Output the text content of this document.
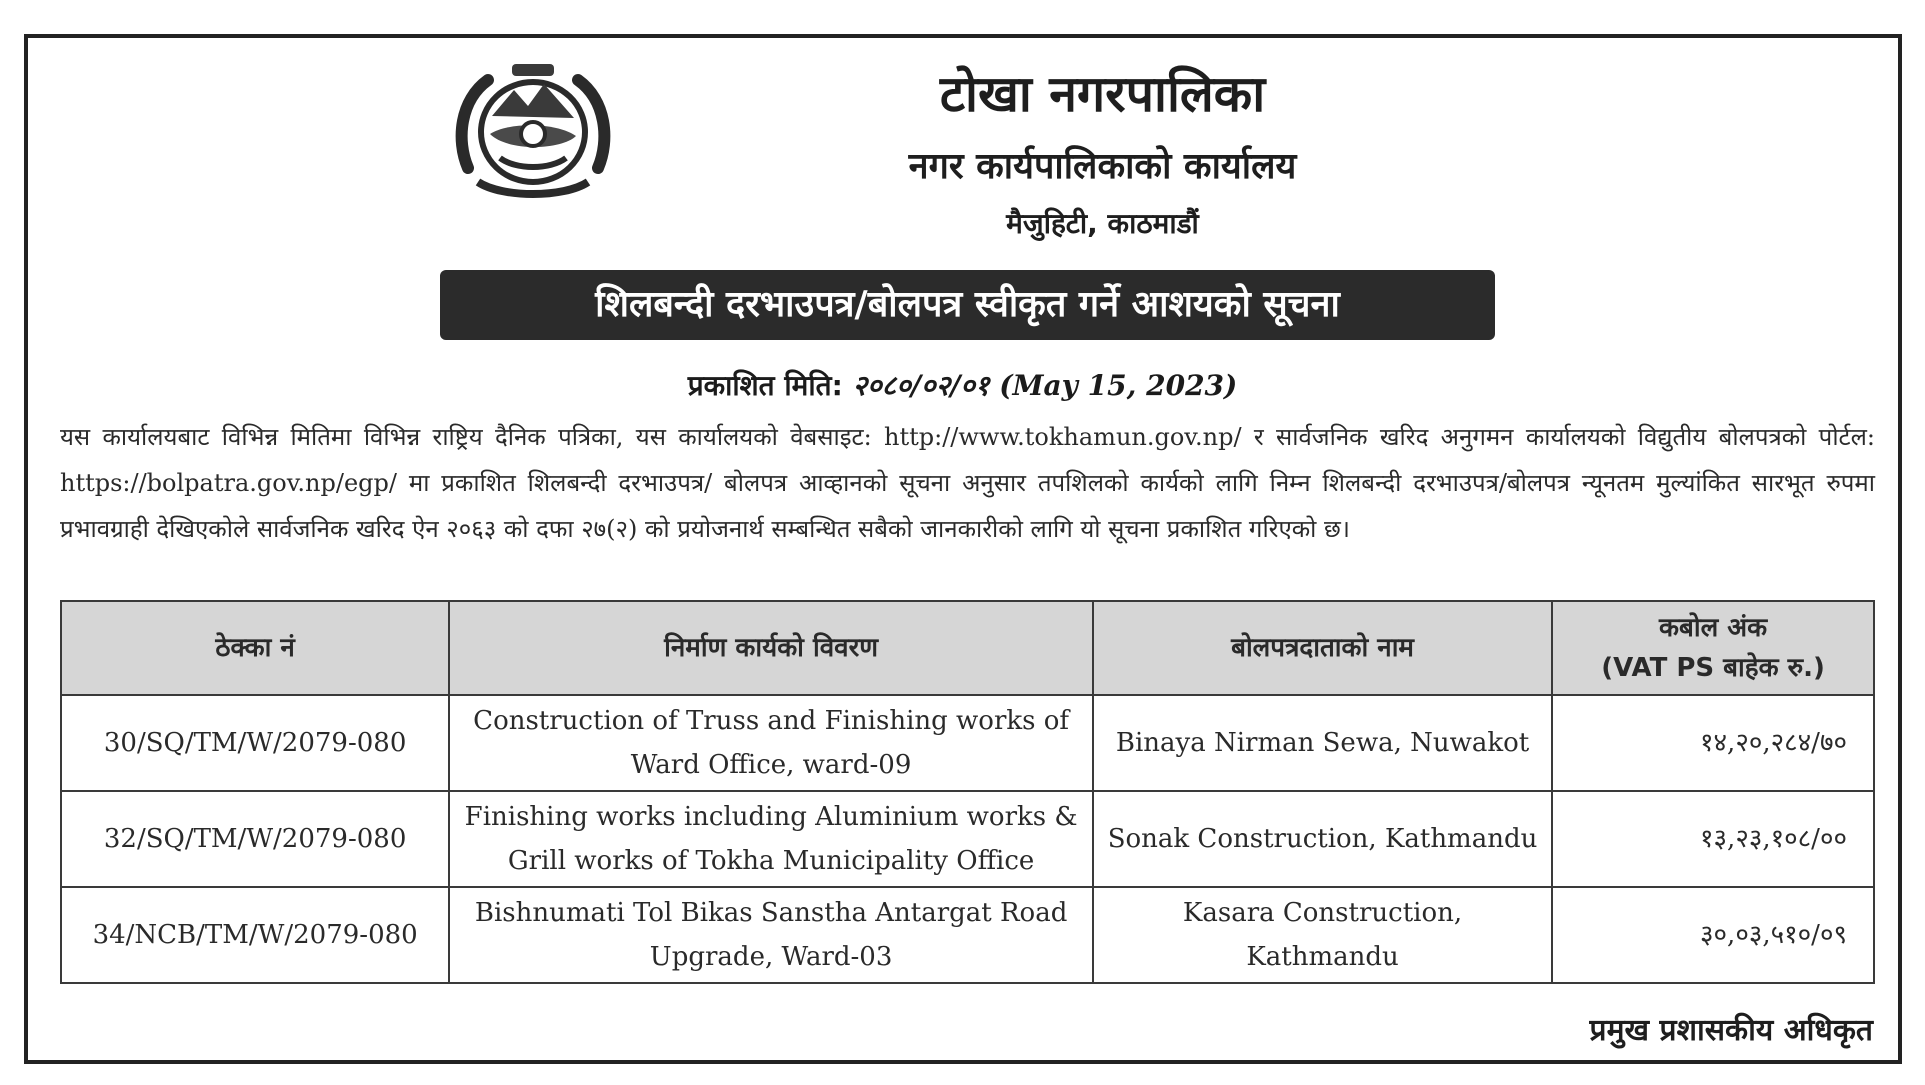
टोखा नगरपालिका
नगर कार्यपालिकाको कार्यालय
मैजुहिटी, काठमाडौं
शिलबन्दी दरभाउपत्र/बोलपत्र स्वीकृत गर्ने आशयको सूचना
प्रकाशित मिति: २०८०/०२/०१ (May 15, 2023)
यस कार्यालयबाट विभिन्न मितिमा विभिन्न राष्ट्रिय दैनिक पत्रिका, यस कार्यालयको वेबसाइट: http://www.tokhamun.gov.np/ र सार्वजनिक खरिद अनुगमन कार्यालयको विद्युतीय बोलपत्रको पोर्टल: https://bolpatra.gov.np/egp/ मा प्रकाशित शिलबन्दी दरभाउपत्र/ बोलपत्र आव्हानको सूचना अनुसार तपशिलको कार्यको लागि निम्न शिलबन्दी दरभाउपत्र/बोलपत्र न्यूनतम मुल्यांकित सारभूत रुपमा प्रभावग्राही देखिएकोले सार्वजनिक खरिद ऐन २०६३ को दफा २७(२) को प्रयोजनार्थ सम्बन्धित सबैको जानकारीको लागि यो सूचना प्रकाशित गरिएको छ।
ठेक्का नं	निर्माण कार्यको विवरण	बोलपत्रदाताको नाम	कबोल अंक
(VAT PS बाहेक रु.)
30/SQ/TM/W/2079-080	Construction of Truss and Finishing works of Ward Office, ward-09	Binaya Nirman Sewa, Nuwakot	१४,२०,२८४/७०
32/SQ/TM/W/2079-080	Finishing works including Aluminium works & Grill works of Tokha Municipality Office	Sonak Construction, Kathmandu	१३,२३,१०८/००
34/NCB/TM/W/2079-080	Bishnumati Tol Bikas Sanstha Antargat Road Upgrade, Ward-03	Kasara Construction, Kathmandu	३०,०३,५१०/०९
प्रमुख प्रशासकीय अधिकृत
